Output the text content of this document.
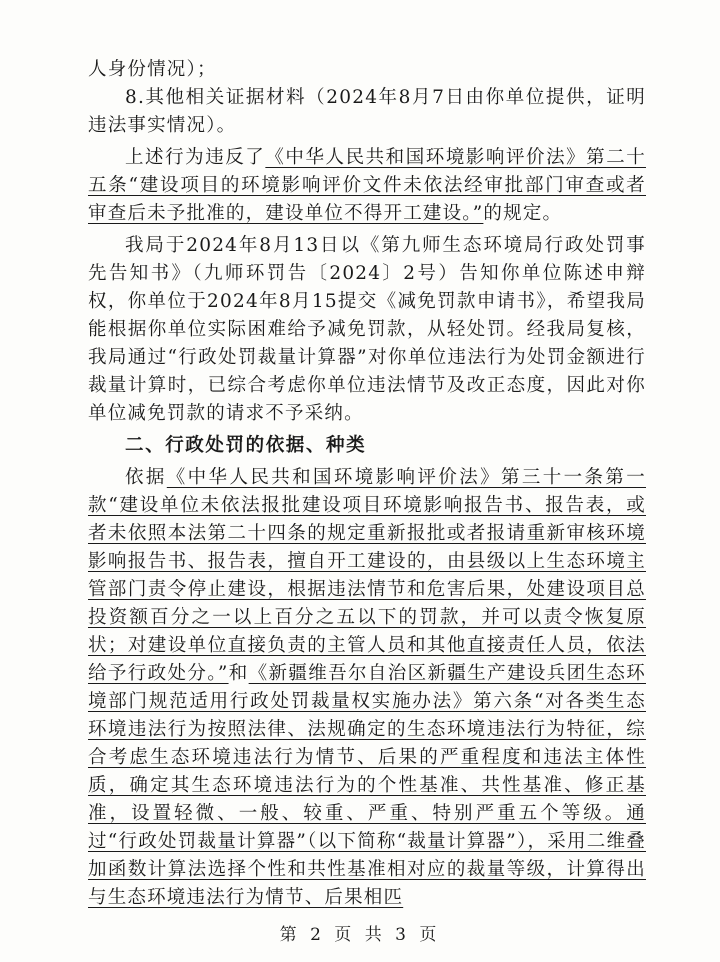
人身份情况）；

8.其他相关证据材料（2024年8月7日由你单位提供，证明违法事实情况）。

上述行为违反了《中华人民共和国环境影响评价法》第二十五条“建设项目的环境影响评价文件未依法经审批部门审查或者审查后未予批准的，建设单位不得开工建设。”的规定。

我局于2024年8月13日以《第九师生态环境局行政处罚事先告知书》（九师环罚告〔2024〕2号）告知你单位陈述申辩权，你单位于2024年8月15提交《减免罚款申请书》，希望我局能根据你单位实际困难给予减免罚款，从轻处罚。经我局复核，我局通过“行政处罚裁量计算器”对你单位违法行为处罚金额进行裁量计算时，已综合考虑你单位违法情节及改正态度，因此对你单位减免罚款的请求不予采纳。

二、行政处罚的依据、种类

依据《中华人民共和国环境影响评价法》第三十一条第一款“建设单位未依法报批建设项目环境影响报告书、报告表，或者未依照本法第二十四条的规定重新报批或者报请重新审核环境影响报告书、报告表，擅自开工建设的，由县级以上生态环境主管部门责令停止建设，根据违法情节和危害后果，处建设项目总投资额百分之一以上百分之五以下的罚款，并可以责令恢复原状；对建设单位直接负责的主管人员和其他直接责任人员，依法给予行政处分。”和《新疆维吾尔自治区新疆生产建设兵团生态环境部门规范适用行政处罚裁量权实施办法》第六条“对各类生态环境违法行为按照法律、法规确定的生态环境违法行为特征，综合考虑生态环境违法行为情节、后果的严重程度和违法主体性质，确定其生态环境违法行为的个性基准、共性基准、修正基准，设置轻微、一般、较重、严重、特别严重五个等级。通过“行政处罚裁量计算器”（以下简称“裁量计算器”），采用二维叠加函数计算法选择个性和共性基准相对应的裁量等级，计算得出与生态环境违法行为情节、后果相匹

第 2 页 共 3 页
